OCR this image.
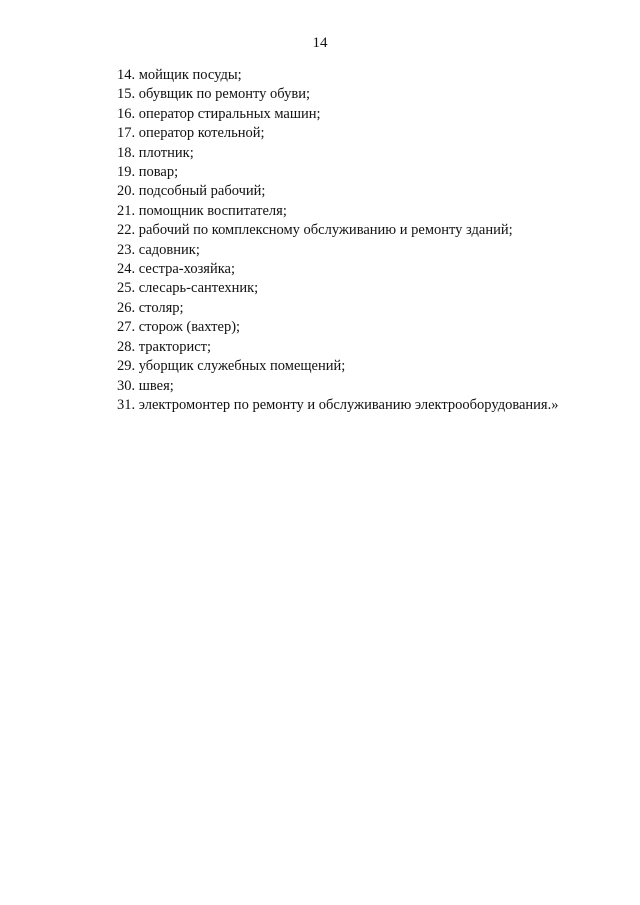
14
14. мойщик посуды;
15. обувщик по ремонту обуви;
16. оператор стиральных машин;
17. оператор котельной;
18. плотник;
19. повар;
20. подсобный рабочий;
21. помощник воспитателя;
22. рабочий по комплексному обслуживанию и ремонту зданий;
23. садовник;
24. сестра-хозяйка;
25. слесарь-сантехник;
26. столяр;
27. сторож (вахтер);
28. тракторист;
29. уборщик служебных помещений;
30. швея;
31. электромонтер по ремонту и обслуживанию электрооборудования.»
